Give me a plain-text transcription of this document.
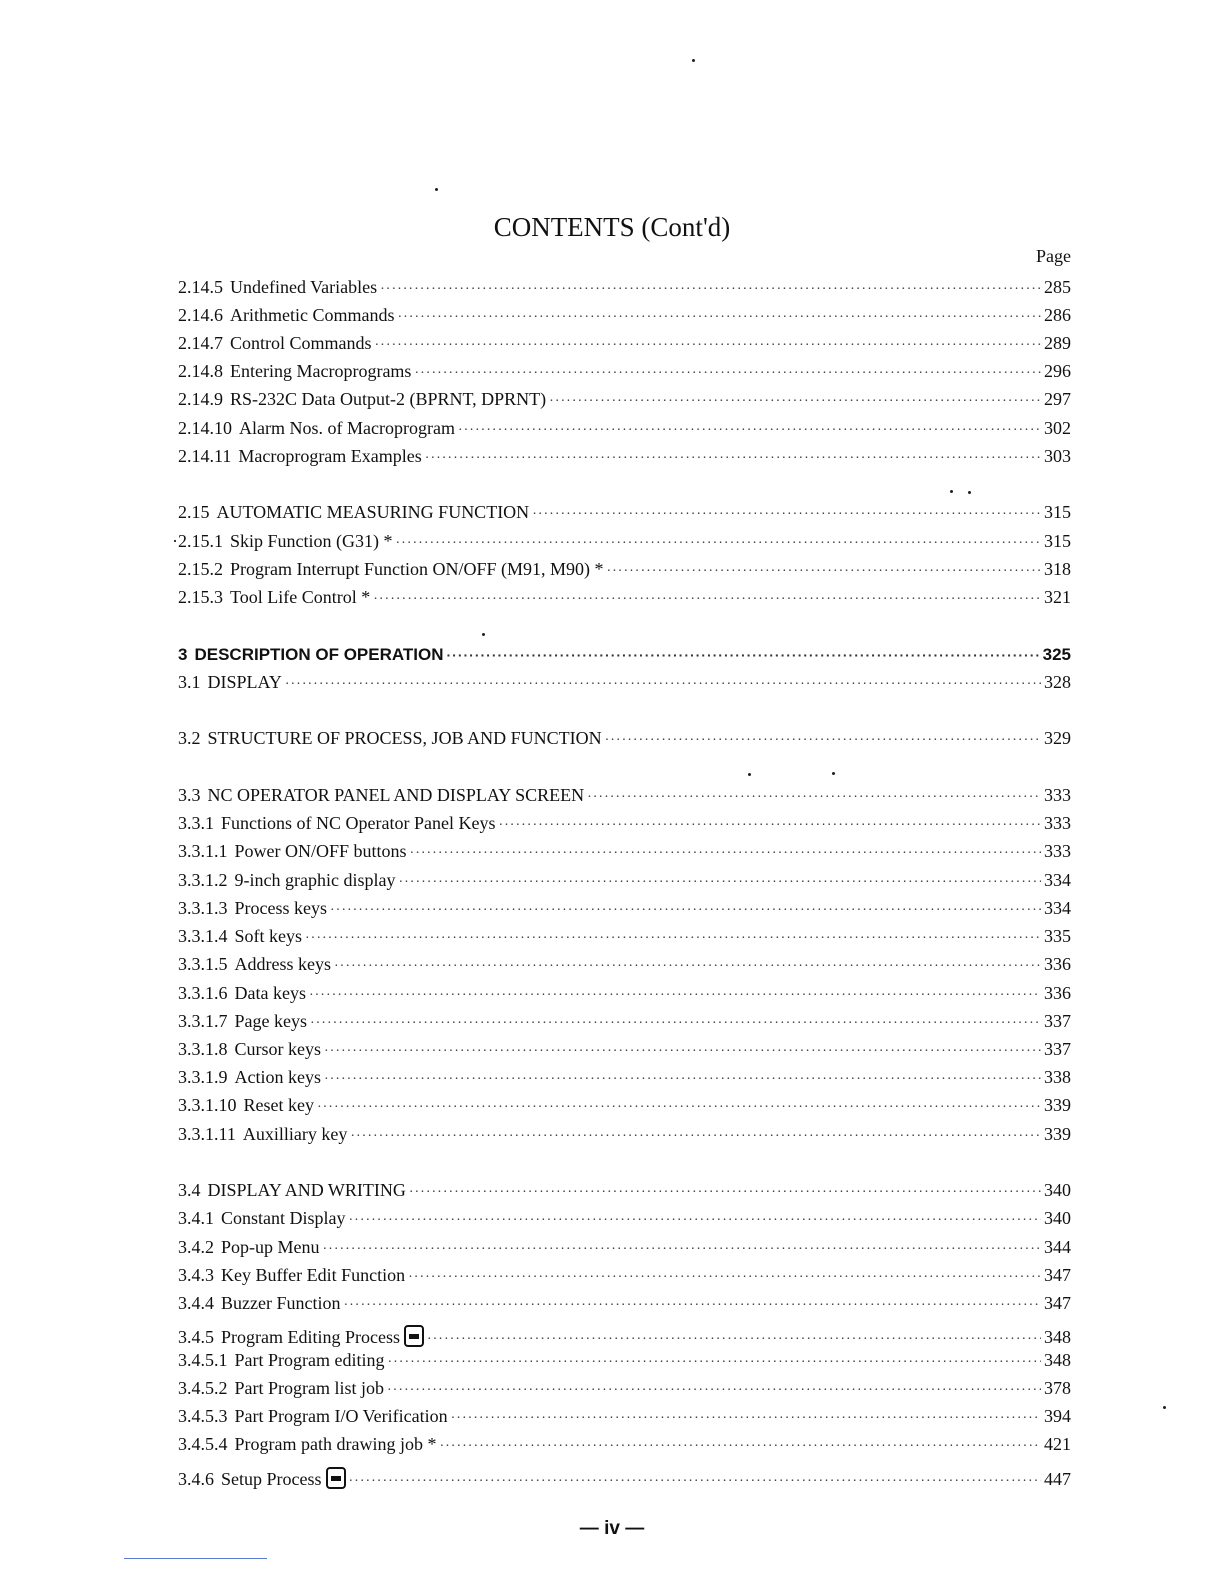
CONTENTS (Cont'd)
Page
2.14.5 Undefined Variables ·····	285
2.14.6 Arithmetic Commands ·····	286
2.14.7 Control Commands ·····	289
2.14.8 Entering Macroprograms ·····	296
2.14.9 RS-232C Data Output-2 (BPRNT, DPRNT) ·····	297
2.14.10 Alarm Nos. of Macroprogram ·····	302
2.14.11 Macroprogram Examples ·····	303
2.15 AUTOMATIC MEASURING FUNCTION ·····	315
·2.15.1 Skip Function (G31) * ·····	315
2.15.2 Program Interrupt Function ON/OFF (M91, M90) * ·····	318
2.15.3 Tool Life Control * ·····	321
3 DESCRIPTION OF OPERATION ·····	325
3.1 DISPLAY ·····	328
3.2 STRUCTURE OF PROCESS, JOB AND FUNCTION ·····	329
3.3 NC OPERATOR PANEL AND DISPLAY SCREEN ·····	333
3.3.1 Functions of NC Operator Panel Keys ·····	333
3.3.1.1 Power ON/OFF buttons ·····	333
3.3.1.2 9-inch graphic display ·····	334
3.3.1.3 Process keys ·····	334
3.3.1.4 Soft keys ·····	335
3.3.1.5 Address keys ·····	336
3.3.1.6 Data keys ·····	336
3.3.1.7 Page keys ·····	337
3.3.1.8 Cursor keys ·····	337
3.3.1.9 Action keys ·····	338
3.3.1.10 Reset key ·····	339
3.3.1.11 Auxilliary key ·····	339
3.4 DISPLAY AND WRITING ·····	340
3.4.1 Constant Display ·····	340
3.4.2 Pop-up Menu ·····	344
3.4.3 Key Buffer Edit Function ·····	347
3.4.4 Buzzer Function ·····	347
3.4.5 Program Editing Process ·····	348
3.4.5.1 Part Program editing ·····	348
3.4.5.2 Part Program list job ·····	378
3.4.5.3 Part Program I/O Verification ·····	394
3.4.5.4 Program path drawing job * ·····	421
3.4.6 Setup Process ·····	447
— iv —
